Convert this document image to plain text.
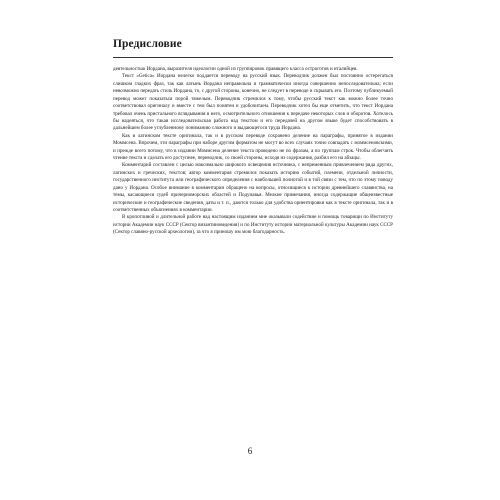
Предисловие

деятельностью Иордана, выразителя идеологии одной из группировок правящего класса остроготов и италийцев.

Текст «Getica» Иордана нелегко поддается переводу на русский язык. Переводчик должен был постоянно остерегаться слишком гладких фраз, так как латынь Иордана неправильна и грамматически иногда совершенно непоследовательна; если невозможно передать стиль Иордана, то, с другой стороны, конечно, не следует в переводе и скрывать его. Поэтому публикуемый перевод может показаться порой тяжелым. Переводчик стремился к тому, чтобы русский текст как можно более точно соответствовал оригиналу и вместе с тем был понятен и удобочитаем. Переводчик хотел бы еще отметить, что текст Иордана требовал очень пристального вглядывания в него, осмотрительного отношения к передаче некоторых слов и оборотов. Хотелось бы надеяться, что такая исследовательская работа над текстом и его передачей на другом языке будет способствовать в дальнейшем более углубленному пониманию сложного и выдающегося труда Иордана.

Как в латинском тексте оригинала, так и в русском переводе сохранено деление на параграфы, принятое в издании Моммсена. Впрочем, эти параграфы при наборе другим форматом не могут во всех случаях точно совпадать с моммсеновскими, и прежде всего потому, что в издании Моммсена деление текста проведено не по фразам, а по группам строк. Чтобы облегчить чтение текста и сделать его доступнее, переводчик, со своей стороны, исходя из содержания, разбил его на абзацы.

Комментарий составлен с целью максимально широкого освещения источника, с непременным привлечением ряда других, латинских и греческих, текстов; автор комментария стремился показать историю событий, племени, отдельной личности, государственного института или географического определения с наибольшей полнотой и в той связи с тем, что по этому поводу дано у Иордана. Особое внимание в комментарии обращено на вопросы, относящиеся к истории древнейшего славянства, на темы, касающиеся судеб причерноморских областей и Подунавья. Мелкие примечания, иногда содержащие общеизвестные исторические и географические сведения, даты и т. п., даются только для удобства ориентировки как в тексте оригинала, так и в соответственных объяснениях в комментарии.

В кропотливой и длительной работе над настоящим изданием мне оказывали содействие и помощь товарищи по Институту истории Академии наук СССР (Сектор византиноведения) и по Институту истории материальной культуры Академии наук СССР (Сектор славяно-русской археологии), за что я приношу им мою благодарность.

6
